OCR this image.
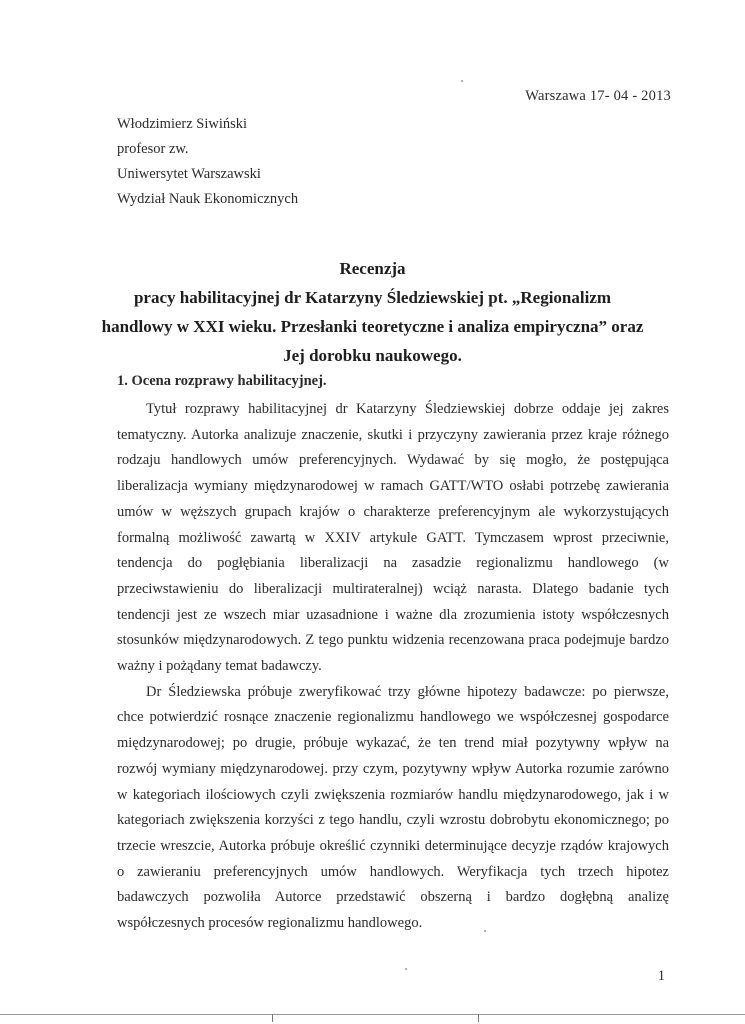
Warszawa 17- 04 - 2013
Włodzimierz Siwiński
profesor zw.
Uniwersytet Warszawski
Wydział Nauk Ekonomicznych
Recenzja
pracy habilitacyjnej dr Katarzyny Śledziewskiej pt. „Regionalizm
handlowy w XXI wieku. Przesłanki teoretyczne i analiza empiryczna” oraz
Jej dorobku naukowego.
1. Ocena rozprawy habilitacyjnej.

Tytuł rozprawy habilitacyjnej dr Katarzyny Śledziewskiej dobrze oddaje jej zakres
tematyczny. Autorka analizuje znaczenie, skutki i przyczyny zawierania przez kraje różnego
rodzaju handlowych umów preferencyjnych. Wydawać by się mogło, że postępująca
liberalizacja wymiany międzynarodowej w ramach GATT/WTO osłabi potrzebę zawierania
umów w węższych grupach krajów o charakterze preferencyjnym ale wykorzystujących
formalną możliwość zawartą w XXIV artykule GATT. Tymczasem wprost przeciwnie,
tendencja do pogłębiania liberalizacji na zasadzie regionalizmu handlowego (w
przeciwstawieniu do liberalizacji multirateralnej) wciąż narasta. Dlatego badanie tych
tendencji jest ze wszech miar uzasadnione i ważne dla zrozumienia istoty współczesnych
stosunków międzynarodowych. Z tego punktu widzenia recenzowana praca podejmuje bardzo
ważny i pożądany temat badawczy.

Dr Śledziewska próbuje zweryfikować trzy główne hipotezy badawcze: po pierwsze,
chce potwierdzić rosnące znaczenie regionalizmu handlowego we współczesnej gospodarce
międzynarodowej; po drugie, próbuje wykazać, że ten trend miał pozytywny wpływ na
rozwój wymiany międzynarodowej. przy czym, pozytywny wpływ Autorka rozumie zarówno
w kategoriach ilościowych czyli zwiększenia rozmiarów handlu międzynarodowego, jak i w
kategoriach zwiększenia korzyści z tego handlu, czyli wzrostu dobrobytu ekonomicznego; po
trzecie wreszcie, Autorka próbuje określić czynniki determinujące decyzje rządów krajowych
o zawieraniu preferencyjnych umów handlowych. Weryfikacja tych trzech hipotez
badawczych pozwoliła Autorce przedstawić obszerną i bardzo dogłębną analizę
współczesnych procesów regionalizmu handlowego.

1
